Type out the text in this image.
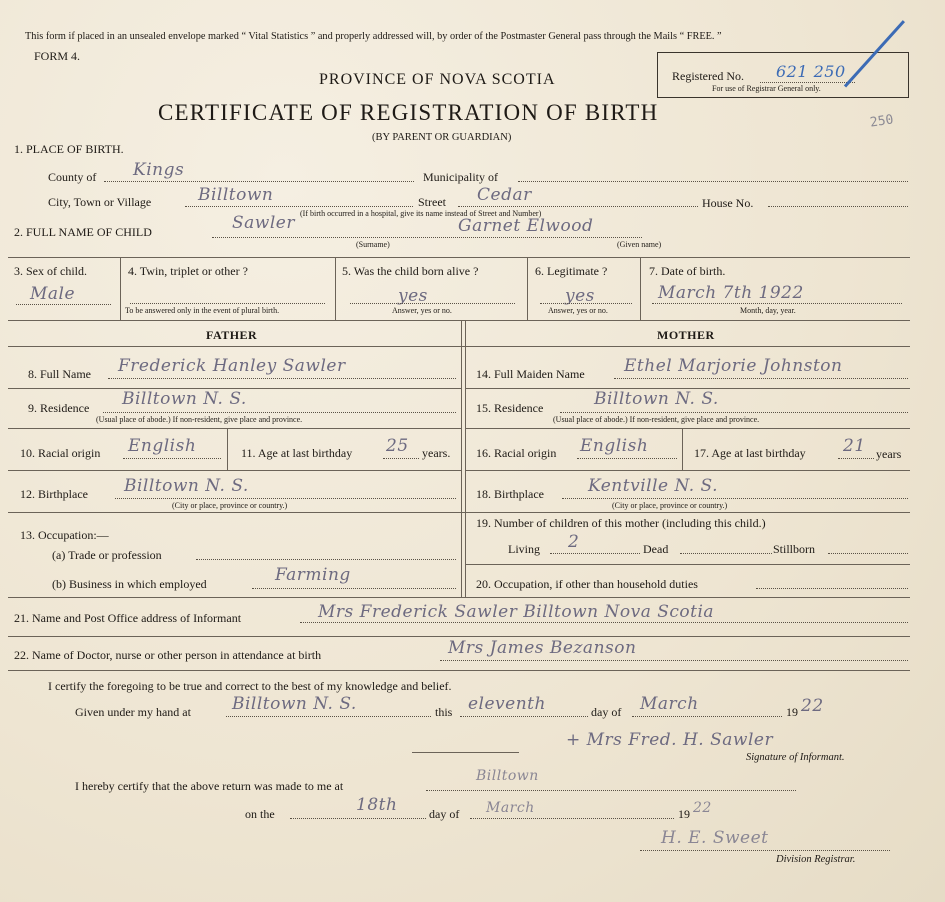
This form if placed in an unsealed envelope marked “ Vital Statistics ” and properly addressed will, by order of the Postmaster General pass through the Mails “ FREE. ”
FORM 4.
PROVINCE OF NOVA SCOTIA
CERTIFICATE OF REGISTRATION OF BIRTH
(BY PARENT OR GUARDIAN)
Registered No. 621 250
For use of Registrar General only.
250
1. PLACE OF BIRTH.
County of Kings	Municipality of
City, Town or Village	Billtown	Street Cedar	House No.
(If birth occurred in a hospital, give its name instead of Street and Number)
2. FULL NAME OF CHILD	Sawler	Garnet Elwood
(Surname)	(Given name)
3. Sex of child.
Male
4. Twin, triplet or other ?
To be answered only in the event of plural birth.
5. Was the child born alive ?
yes
Answer, yes or no.
6. Legitimate ?
yes
Answer, yes or no.
7. Date of birth.
March 7th 1922
Month, day, year.
FATHER	MOTHER
8. Full Name Frederick Hanley Sawler
9. Residence Billtown N. S.
(Usual place of abode.) If non-resident, give place and province.
10. Racial origin English	11. Age at last birthday 25 years.
12. Birthplace Billtown N. S.
(City or place, province or country.)
13. Occupation:—
(a) Trade or profession
(b) Business in which employed	Farming
14. Full Maiden Name Ethel Marjorie Johnston
15. Residence	Billtown N. S.
(Usual place of abode.) If non-resident, give place and province.
16. Racial origin English	17. Age at last birthday 21 years
18. Birthplace	Kentville N. S.
(City or place, province or country.)
19. Number of children of this mother (including this child.)
Living 2	Dead	Stillborn
20. Occupation, if other than household duties
21. Name and Post Office address of Informant	Mrs Frederick Sawler Billtown Nova Scotia
22. Name of Doctor, nurse or other person in attendance at birth	Mrs James Bezanson
I certify the foregoing to be true and correct to the best of my knowledge and belief.
Given under my hand at Billtown N. S.	this eleventh	day of March	19 22
+ Mrs Fred. H. Sawler
Signature of Informant.
I hereby certify that the above return was made to me at
Billtown
on the	18th	day of March	19 22
H. E. Sweet
Division Registrar.
